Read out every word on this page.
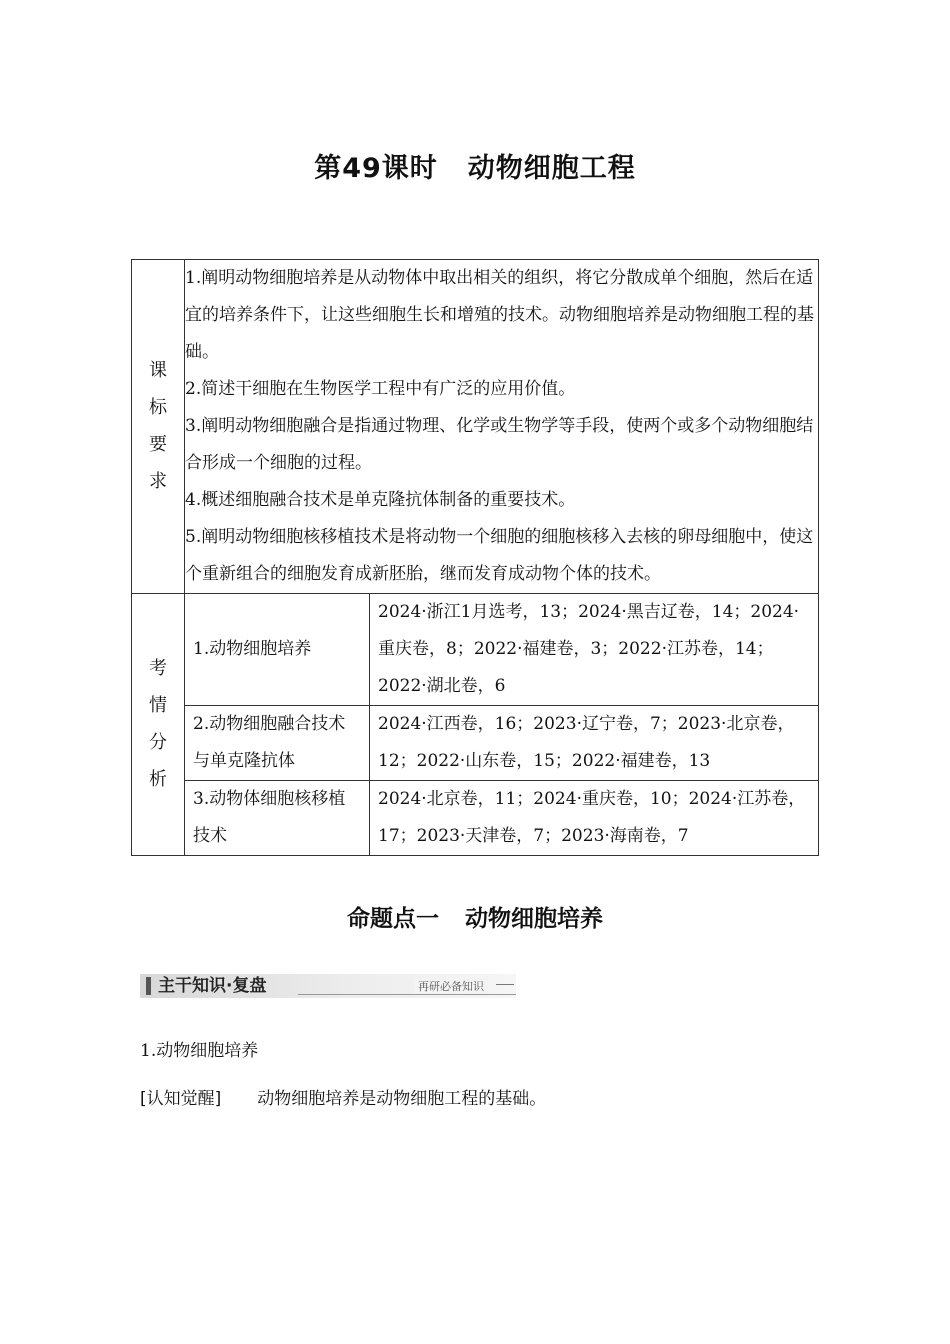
第49课时 动物细胞工程
课标要求	1.阐明动物细胞培养是从动物体中取出相关的组织，将它分散成单个细胞，然后在适宜的培养条件下，让这些细胞生长和增殖的技术。动物细胞培养是动物细胞工程的基础。

2.简述干细胞在生物医学工程中有广泛的应用价值。

3.阐明动物细胞融合是指通过物理、化学或生物学等手段，使两个或多个动物细胞结合形成一个细胞的过程。

4.概述细胞融合技术是单克隆抗体制备的重要技术。

5.阐明动物细胞核移植技术是将动物一个细胞的细胞核移入去核的卵母细胞中，使这个重新组合的细胞发育成新胚胎，继而发育成动物个体的技术。	

考情分析	1.动物细胞培养	2024·浙江1月选考，13；2024·黑吉辽卷，14；2024·重庆卷，8；2022·福建卷，3；2022·江苏卷，14；2022·湖北卷，6
	2.动物细胞融合技术与单克隆抗体	2024·江西卷，16；2023·辽宁卷，7；2023·北京卷，12；2022·山东卷，15；2022·福建卷，13
	3.动物体细胞核移植技术	2024·北京卷，11；2024·重庆卷，10；2024·江苏卷，17；2023·天津卷，7；2023·海南卷，7
命题点一 动物细胞培养
主干知识·复盘	再研必备知识
1.动物细胞培养
[认知觉醒] 动物细胞培养是动物细胞工程的基础。
